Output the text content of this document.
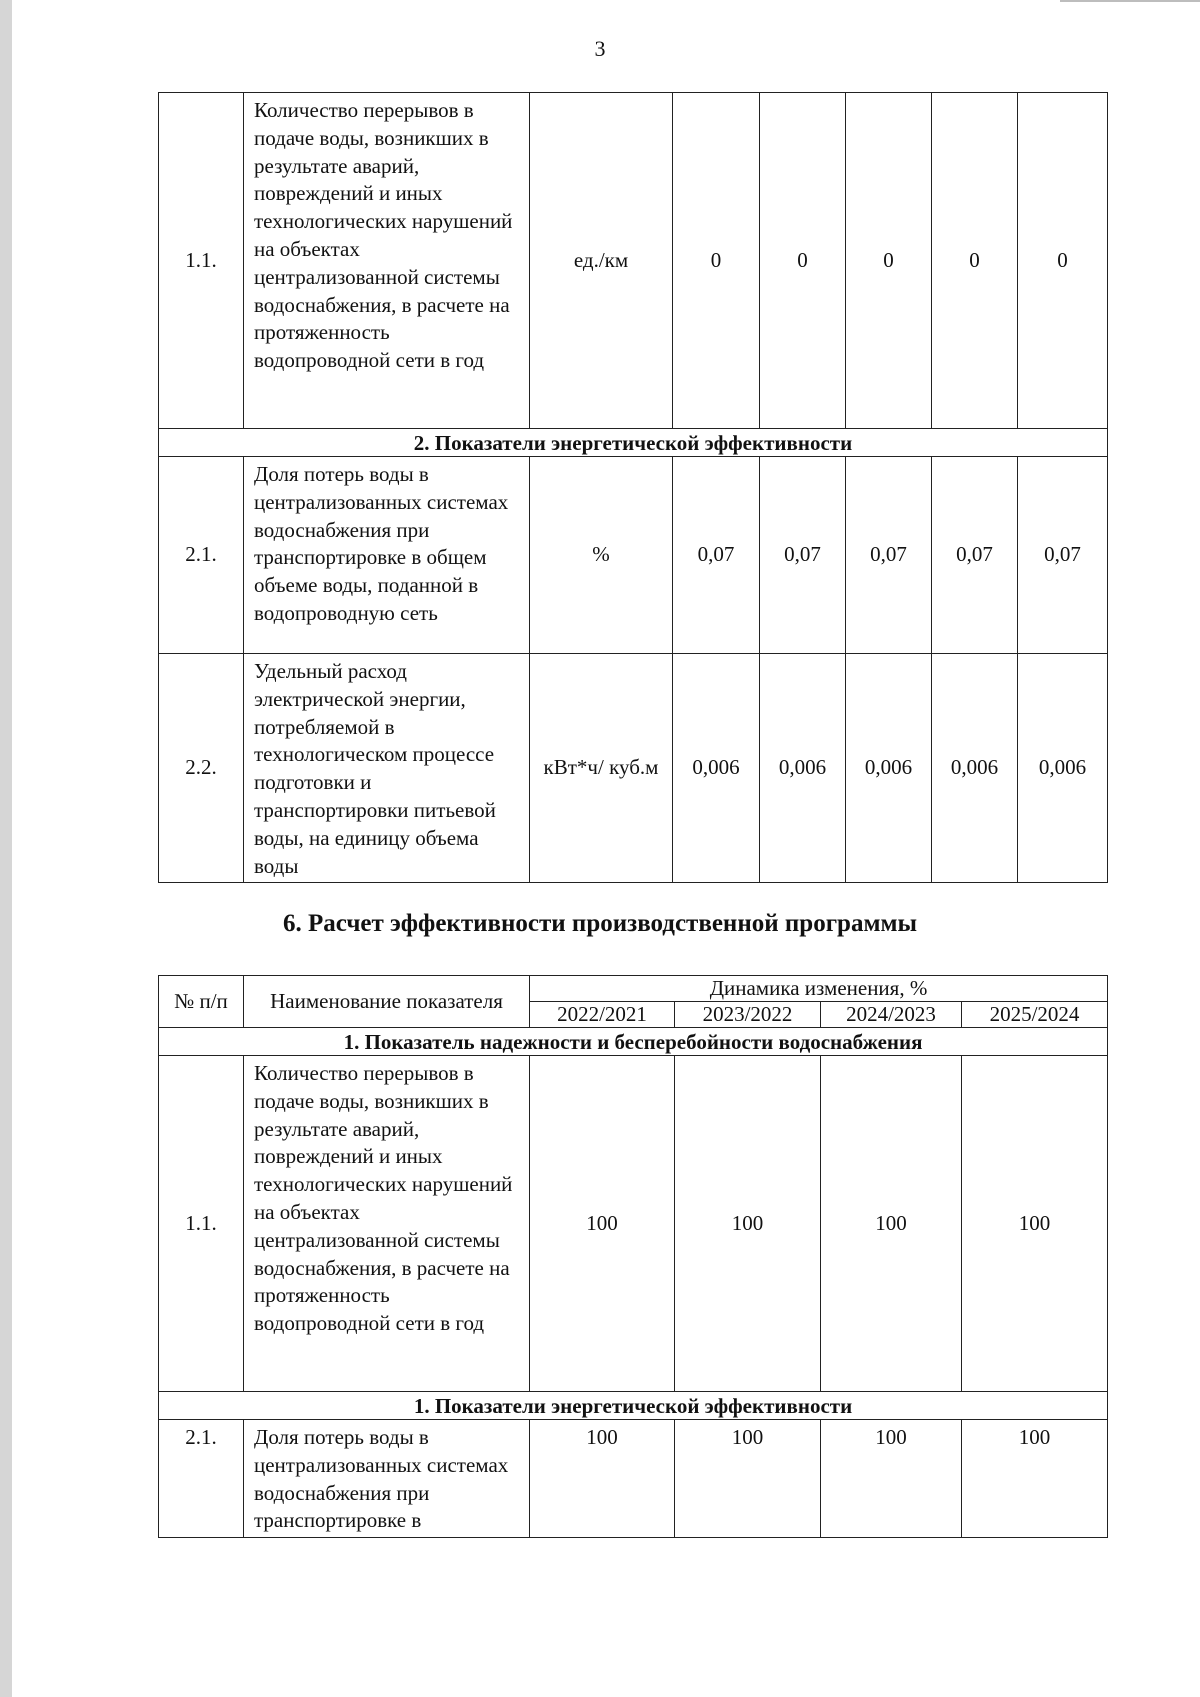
3
1.1.	Количество перерывов в подаче воды, возникших в результате аварий, повреждений и иных технологических нарушений на объектах централизованной системы водоснабжения, в расчете на протяженность водопроводной сети в год	ед./км	0	0	0	0	0
2. Показатели энергетической эффективности							
2.1.	Доля потерь воды в централизованных системах водоснабжения при транспортировке в общем объеме воды, поданной в водопроводную сеть	%	0,07	0,07	0,07	0,07	0,07
2.2.	Удельный расход электрической энергии, потребляемой в технологическом процессе подготовки и транспортировки питьевой воды, на единицу объема воды	кВт*ч/ куб.м	0,006	0,006	0,006	0,006	0,006
6. Расчет эффективности производственной программы
№ п/п	Наименование показателя	Динамика изменения, %			
		2022/2021	2023/2022	2024/2023	2025/2024
1. Показатель надежности и бесперебойности водоснабжения					
1.1.	Количество перерывов в подаче воды, возникших в результате аварий, повреждений и иных технологических нарушений на объектах централизованной системы водоснабжения, в расчете на протяженность водопроводной сети в год	100	100	100	100
1. Показатели энергетической эффективности					
2.1.	Доля потерь воды в централизованных системах водоснабжения при транспортировке в	100	100	100	100
